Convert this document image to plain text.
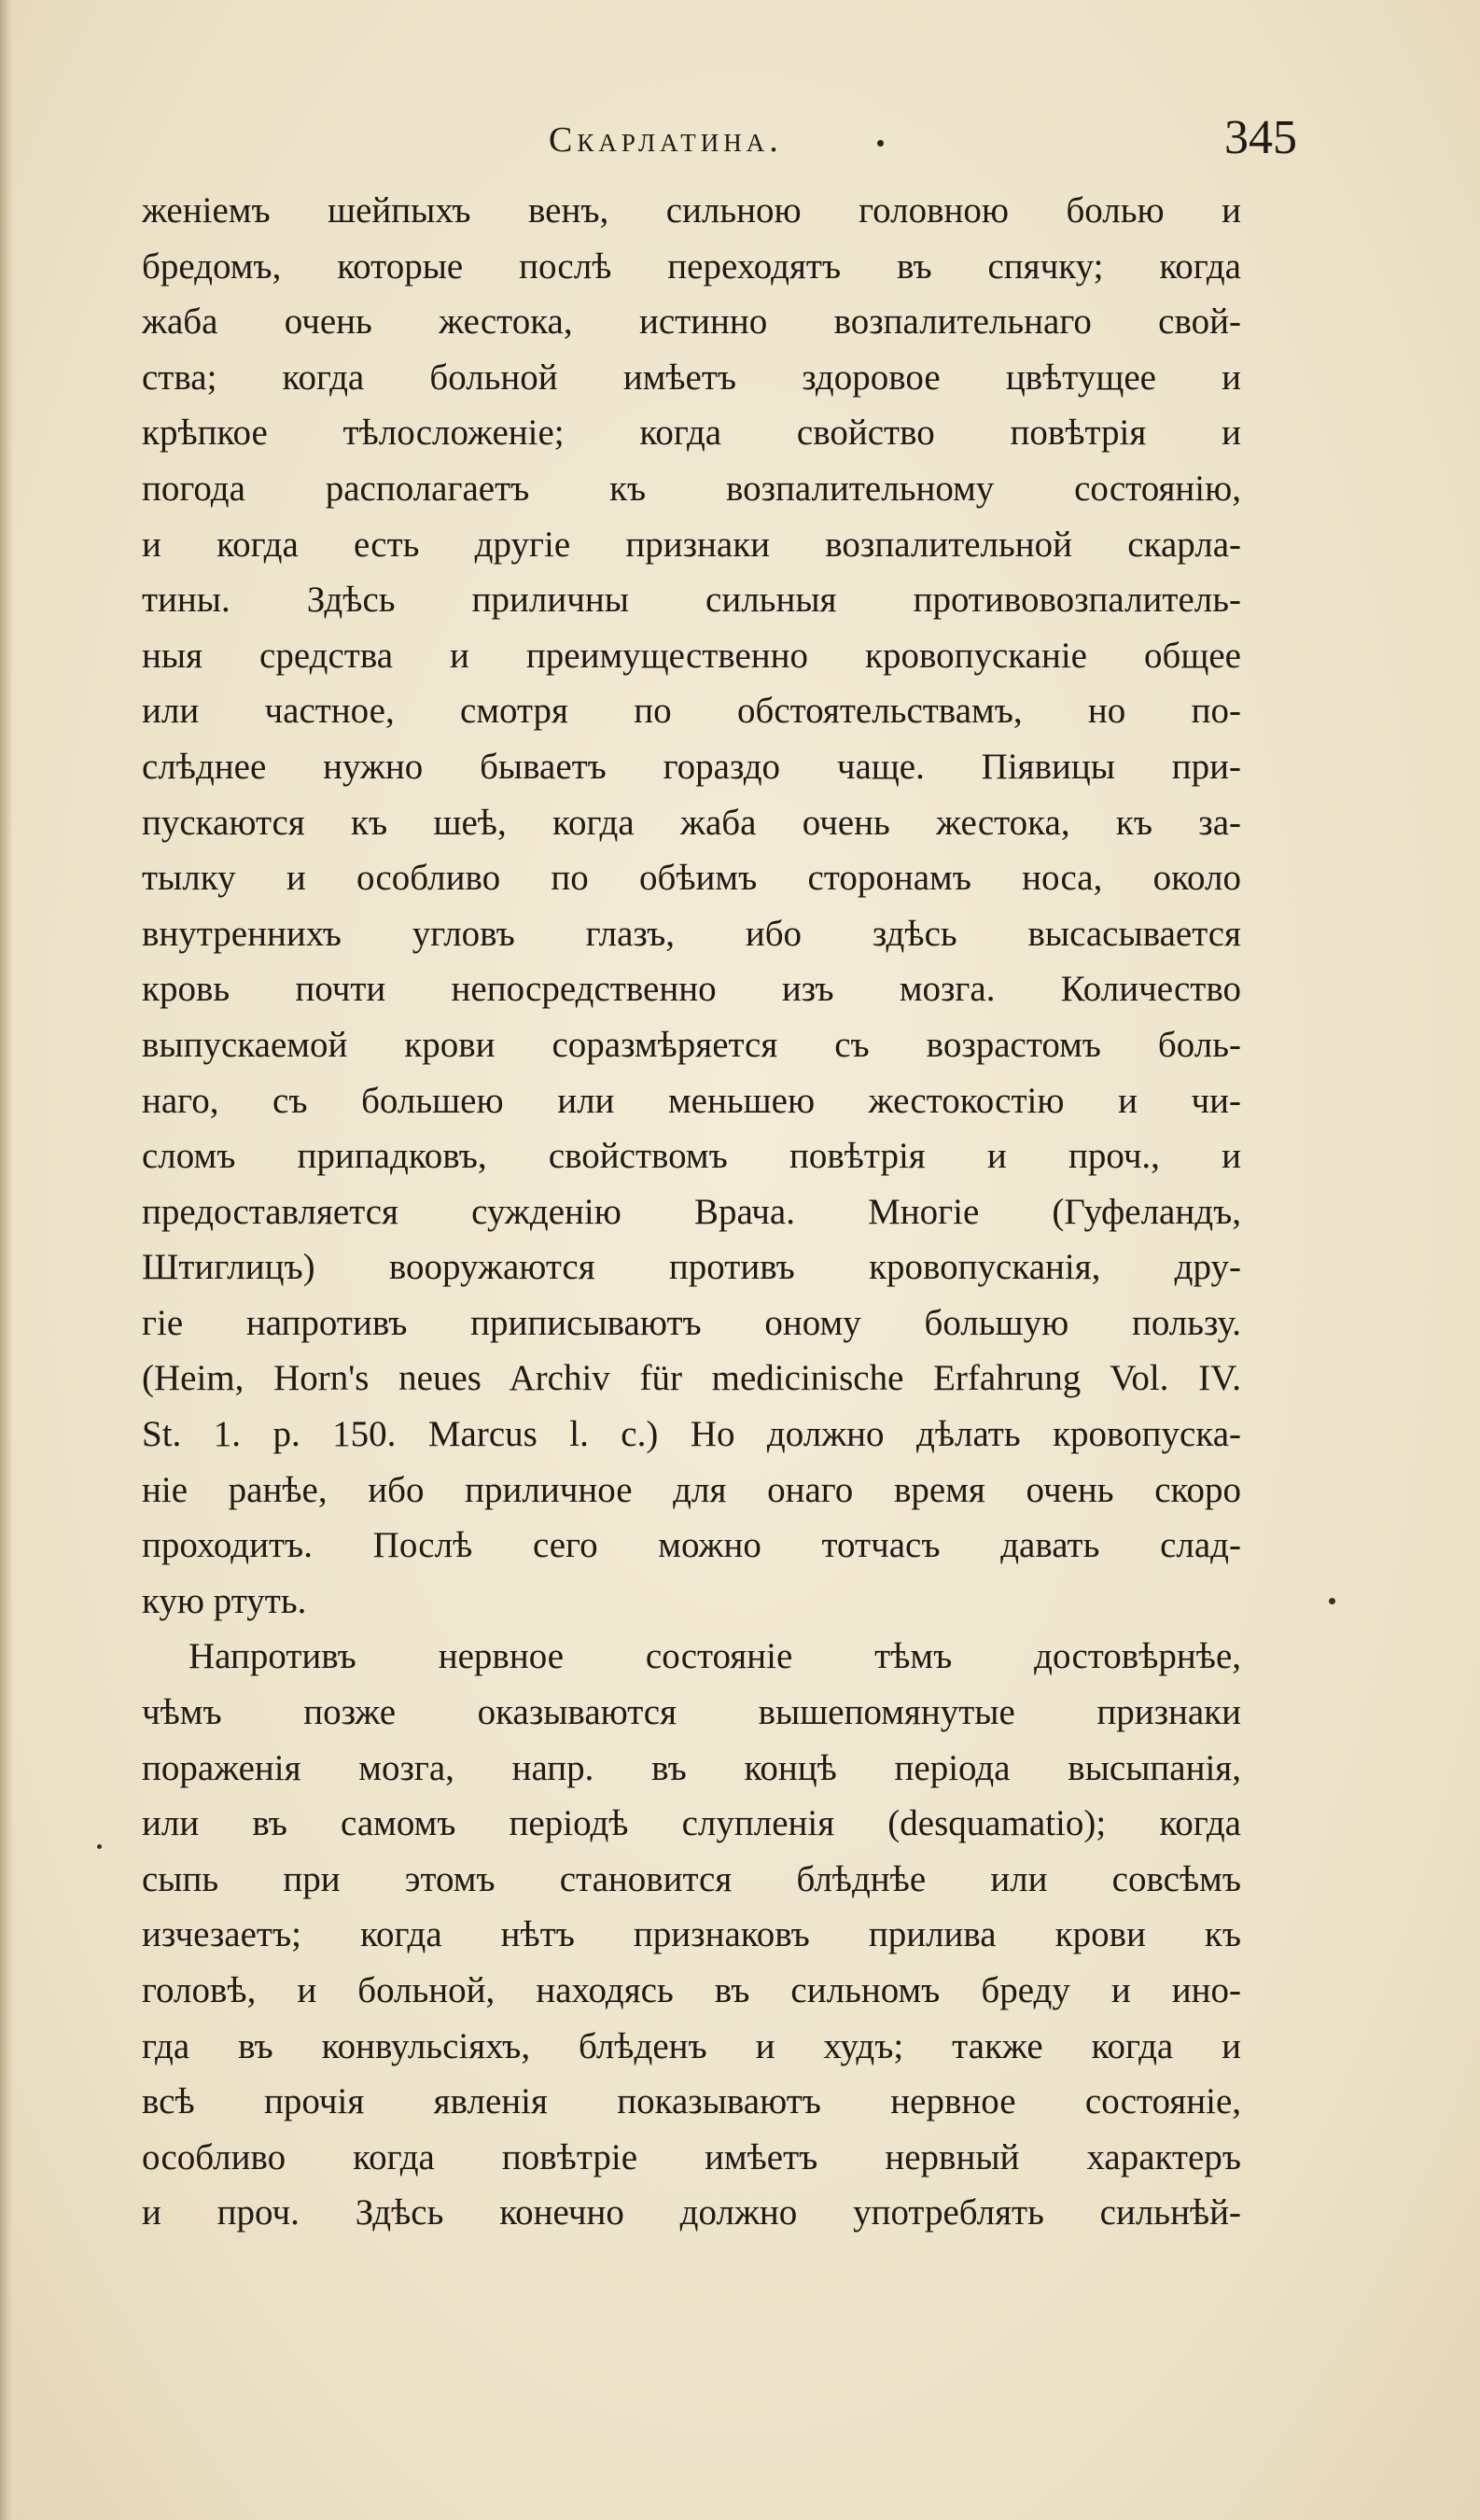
Скарлатина.	345
женіемъ шейпыхъ венъ, сильною головною болью и
бредомъ, которые послѣ переходятъ въ спячку; когда
жаба очень жестока, истинно возпалительнаго свой-
ства; когда больной имѣетъ здоровое цвѣтущее и
крѣпкое тѣлосложеніе; когда свойство повѣтрія и
погода располагаетъ къ возпалительному состоянію,
и когда есть другіе признаки возпалительной скарла-
тины. Здѣсь приличны сильныя противовозпалитель-
ныя средства и преимущественно кровопусканіе общее
или частное, смотря по обстоятельствамъ, но по-
слѣднее нужно бываетъ гораздо чаще. Піявицы при-
пускаются къ шеѣ, когда жаба очень жестока, къ за-
тылку и особливо по обѣимъ сторонамъ носа, около
внутреннихъ угловъ глазъ, ибо здѣсь высасывается
кровь почти непосредственно изъ мозга. Количество
выпускаемой крови соразмѣряется съ возрастомъ боль-
наго, съ большею или меньшею жестокостію и чи-
сломъ припадковъ, свойствомъ повѣтрія и проч., и
предоставляется сужденію Врача. Многіе (Гуфеландъ,
Штиглицъ) вооружаются противъ кровопусканія, дру-
гіе напротивъ приписываютъ оному большую пользу.
(Heim, Horn's neues Archiv für medicinische Erfahrung Vol. IV.
St. 1. p. 150. Marcus l. c.) Но должно дѣлать кровопуска-
ніе ранѣе, ибо приличное для онаго время очень скоро
проходитъ. Послѣ сего можно тотчасъ давать слад-
кую ртуть.
Напротивъ нервное состояніе тѣмъ достовѣрнѣе,
чѣмъ позже оказываются вышепомянутые признаки
пораженія мозга, напр. въ концѣ періода высыпанія,
или въ самомъ періодѣ слупленія (desquamatio); когда
сыпь при этомъ становится блѣднѣе или совсѣмъ
изчезаетъ; когда нѣтъ признаковъ прилива крови къ
головѣ, и больной, находясь въ сильномъ бреду и ино-
гда въ конвульсіяхъ, блѣденъ и худъ; также когда и
всѣ прочія явленія показываютъ нервное состояніе,
особливо когда повѣтріе имѣетъ нервный характеръ
и проч. Здѣсь конечно должно употреблять сильнѣй-
